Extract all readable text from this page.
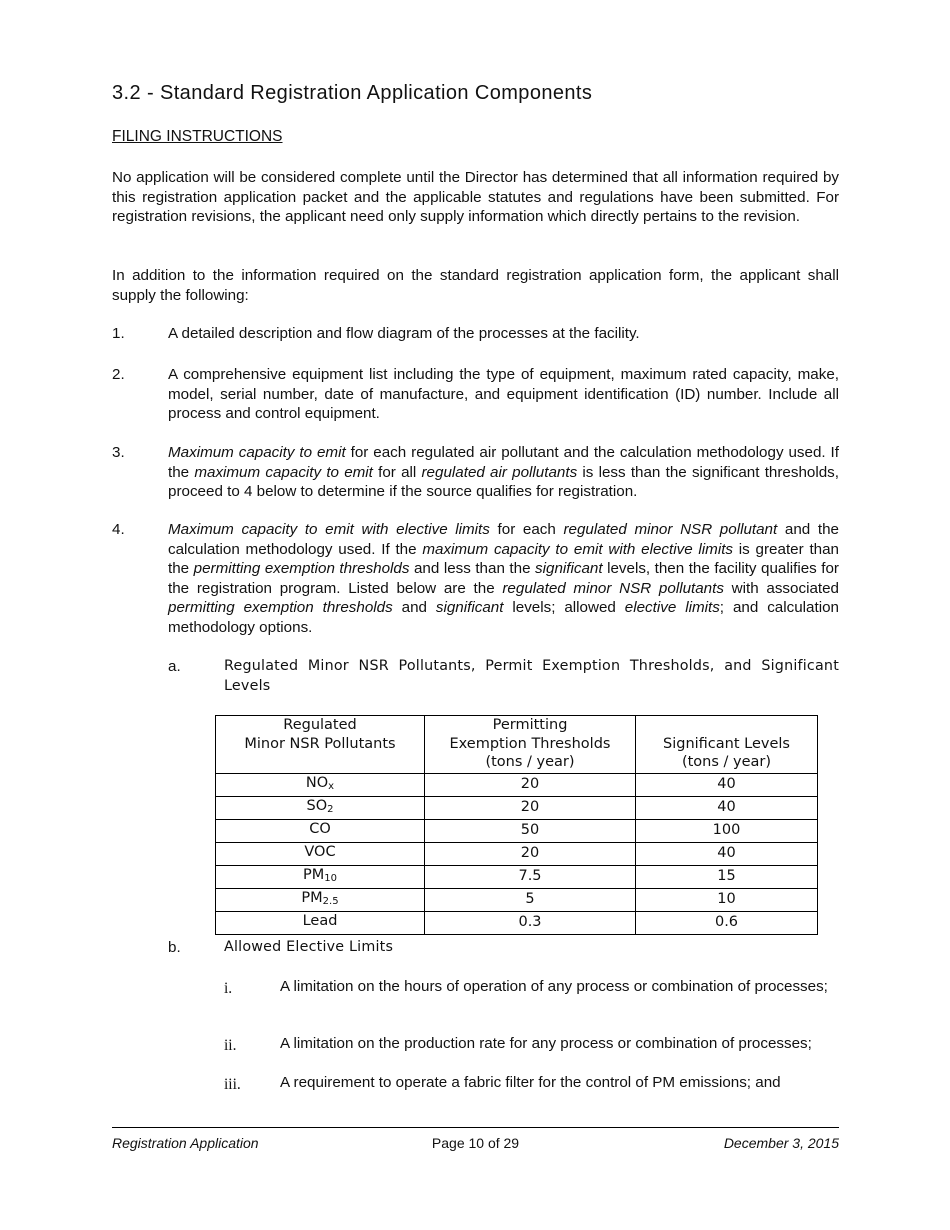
3.2 - Standard Registration Application Components
FILING INSTRUCTIONS
No application will be considered complete until the Director has determined that all information required by this registration application packet and the applicable statutes and regulations have been submitted. For registration revisions, the applicant need only supply information which directly pertains to the revision.
In addition to the information required on the standard registration application form, the applicant shall supply the following:
1.	A detailed description and flow diagram of the processes at the facility.
2.	A comprehensive equipment list including the type of equipment, maximum rated capacity, make, model, serial number, date of manufacture, and equipment identification (ID) number. Include all process and control equipment.
3.	Maximum capacity to emit for each regulated air pollutant and the calculation methodology used. If the maximum capacity to emit for all regulated air pollutants is less than the significant thresholds, proceed to 4 below to determine if the source qualifies for registration.
4.	Maximum capacity to emit with elective limits for each regulated minor NSR pollutant and the calculation methodology used. If the maximum capacity to emit with elective limits is greater than the permitting exemption thresholds and less than the significant levels, then the facility qualifies for the registration program. Listed below are the regulated minor NSR pollutants with associated permitting exemption thresholds and significant levels; allowed elective limits; and calculation methodology options.
a.	Regulated Minor NSR Pollutants, Permit Exemption Thresholds, and Significant Levels
Regulated
Minor NSR Pollutants	Permitting
Exemption Thresholds
(tons / year)	Significant Levels
(tons / year)
$NO_x$	20	40
$SO_2$	20	40
CO	50	100
VOC	20	40
$PM_{10}$	7.5	15
$PM_{2.5}$	5	10
Lead	0.3	0.6
b.	Allowed Elective Limits
i.	A limitation on the hours of operation of any process or combination of processes;
ii.	A limitation on the production rate for any process or combination of processes;
iii.	A requirement to operate a fabric filter for the control of PM emissions; and
Registration Application	Page 10 of 29	December 3, 2015
